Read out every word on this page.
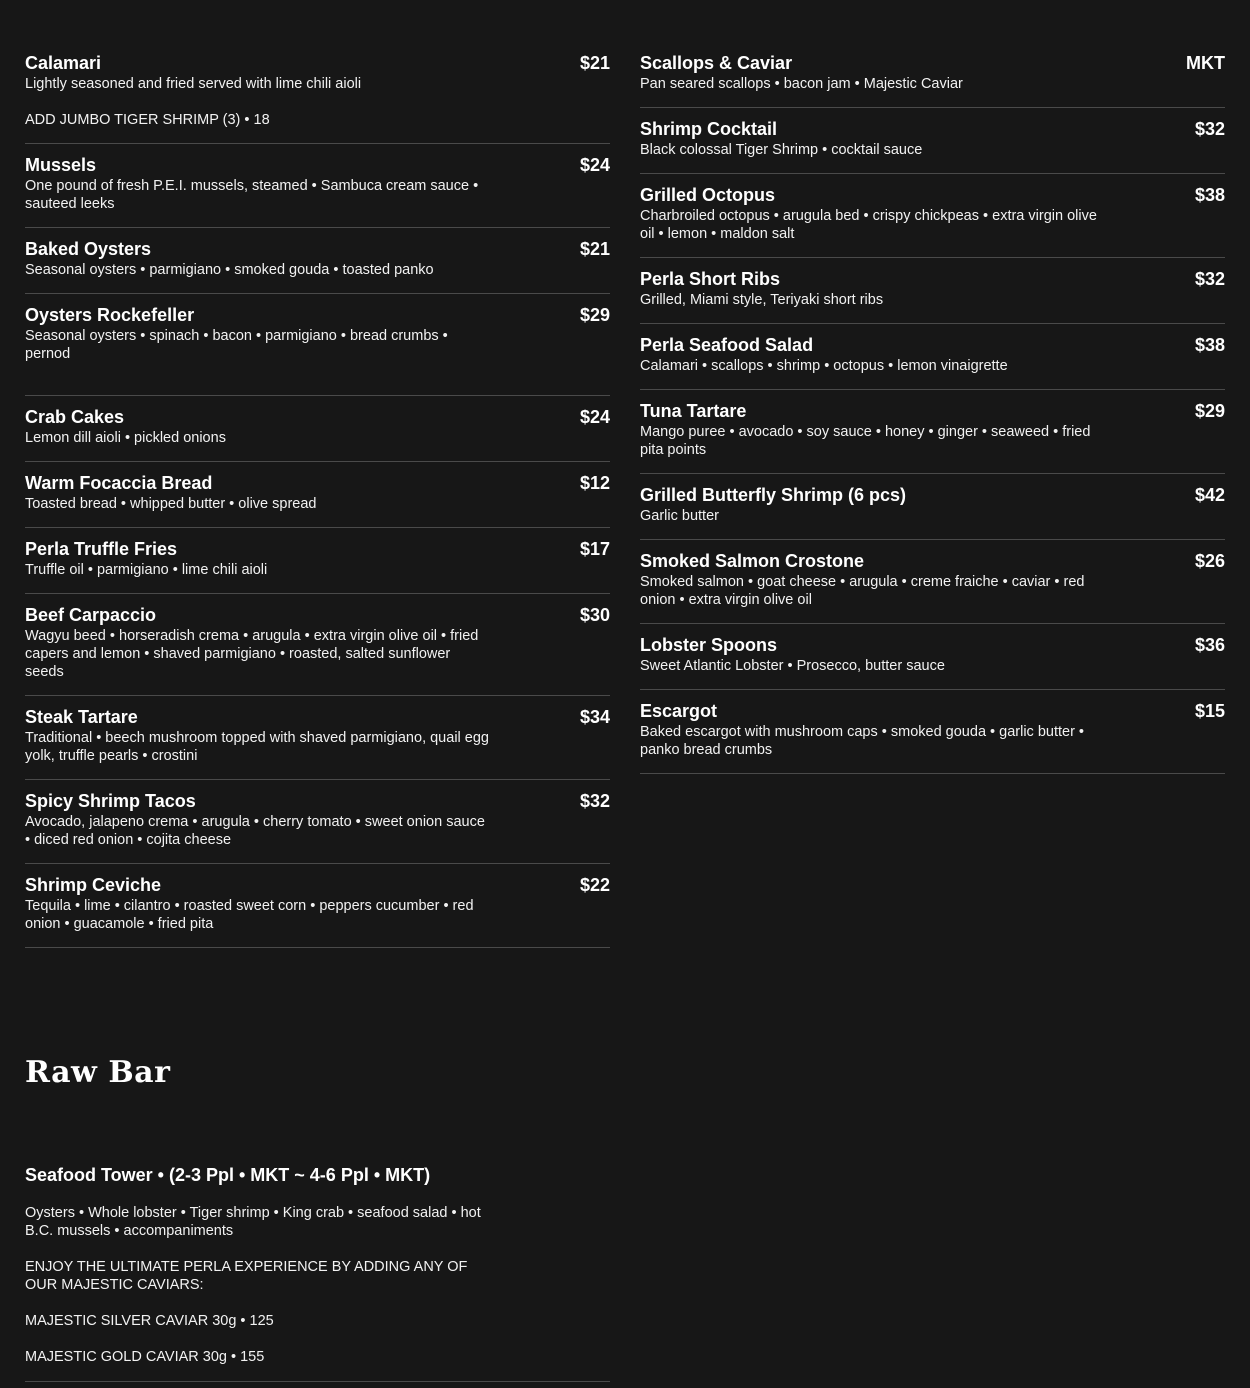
Calamari	$21
Lightly seasoned and fried served with lime chili aioli
ADD JUMBO TIGER SHRIMP (3) • 18
Mussels	$24
One pound of fresh P.E.I. mussels, steamed • Sambuca cream sauce • sauteed leeks
Baked Oysters	$21
Seasonal oysters • parmigiano • smoked gouda • toasted panko
Oysters Rockefeller	$29
Seasonal oysters • spinach • bacon • parmigiano • bread crumbs • pernod
Crab Cakes	$24
Lemon dill aioli • pickled onions
Warm Focaccia Bread	$12
Toasted bread • whipped butter • olive spread
Perla Truffle Fries	$17
Truffle oil • parmigiano • lime chili aioli
Beef Carpaccio	$30
Wagyu beed • horseradish crema • arugula • extra virgin olive oil • fried capers and lemon • shaved parmigiano • roasted, salted sunflower seeds
Steak Tartare	$34
Traditional • beech mushroom topped with shaved parmigiano, quail egg yolk, truffle pearls • crostini
Spicy Shrimp Tacos	$32
Avocado, jalapeno crema • arugula • cherry tomato • sweet onion sauce • diced red onion • cojita cheese
Shrimp Ceviche	$22
Tequila • lime • cilantro • roasted sweet corn • peppers cucumber • red onion • guacamole • fried pita
Scallops & Caviar	MKT
Pan seared scallops • bacon jam • Majestic Caviar
Shrimp Cocktail	$32
Black colossal Tiger Shrimp • cocktail sauce
Grilled Octopus	$38
Charbroiled octopus • arugula bed • crispy chickpeas • extra virgin olive oil • lemon • maldon salt
Perla Short Ribs	$32
Grilled, Miami style, Teriyaki short ribs
Perla Seafood Salad	$38
Calamari • scallops • shrimp • octopus • lemon vinaigrette
Tuna Tartare	$29
Mango puree • avocado • soy sauce • honey • ginger • seaweed • fried pita points
Grilled Butterfly Shrimp (6 pcs)	$42
Garlic butter
Smoked Salmon Crostone	$26
Smoked salmon • goat cheese • arugula • creme fraiche • caviar • red onion • extra virgin olive oil
Lobster Spoons	$36
Sweet Atlantic Lobster • Prosecco, butter sauce
Escargot	$15
Baked escargot with mushroom caps • smoked gouda • garlic butter • panko bread crumbs
Raw Bar
Seafood Tower • (2-3 Ppl • MKT ~ 4-6 Ppl • MKT)
Oysters • Whole lobster • Tiger shrimp • King crab • seafood salad • hot B.C. mussels • accompaniments
ENJOY THE ULTIMATE PERLA EXPERIENCE BY ADDING ANY OF OUR MAJESTIC CAVIARS:
MAJESTIC SILVER CAVIAR 30g • 125
MAJESTIC GOLD CAVIAR 30g • 155
